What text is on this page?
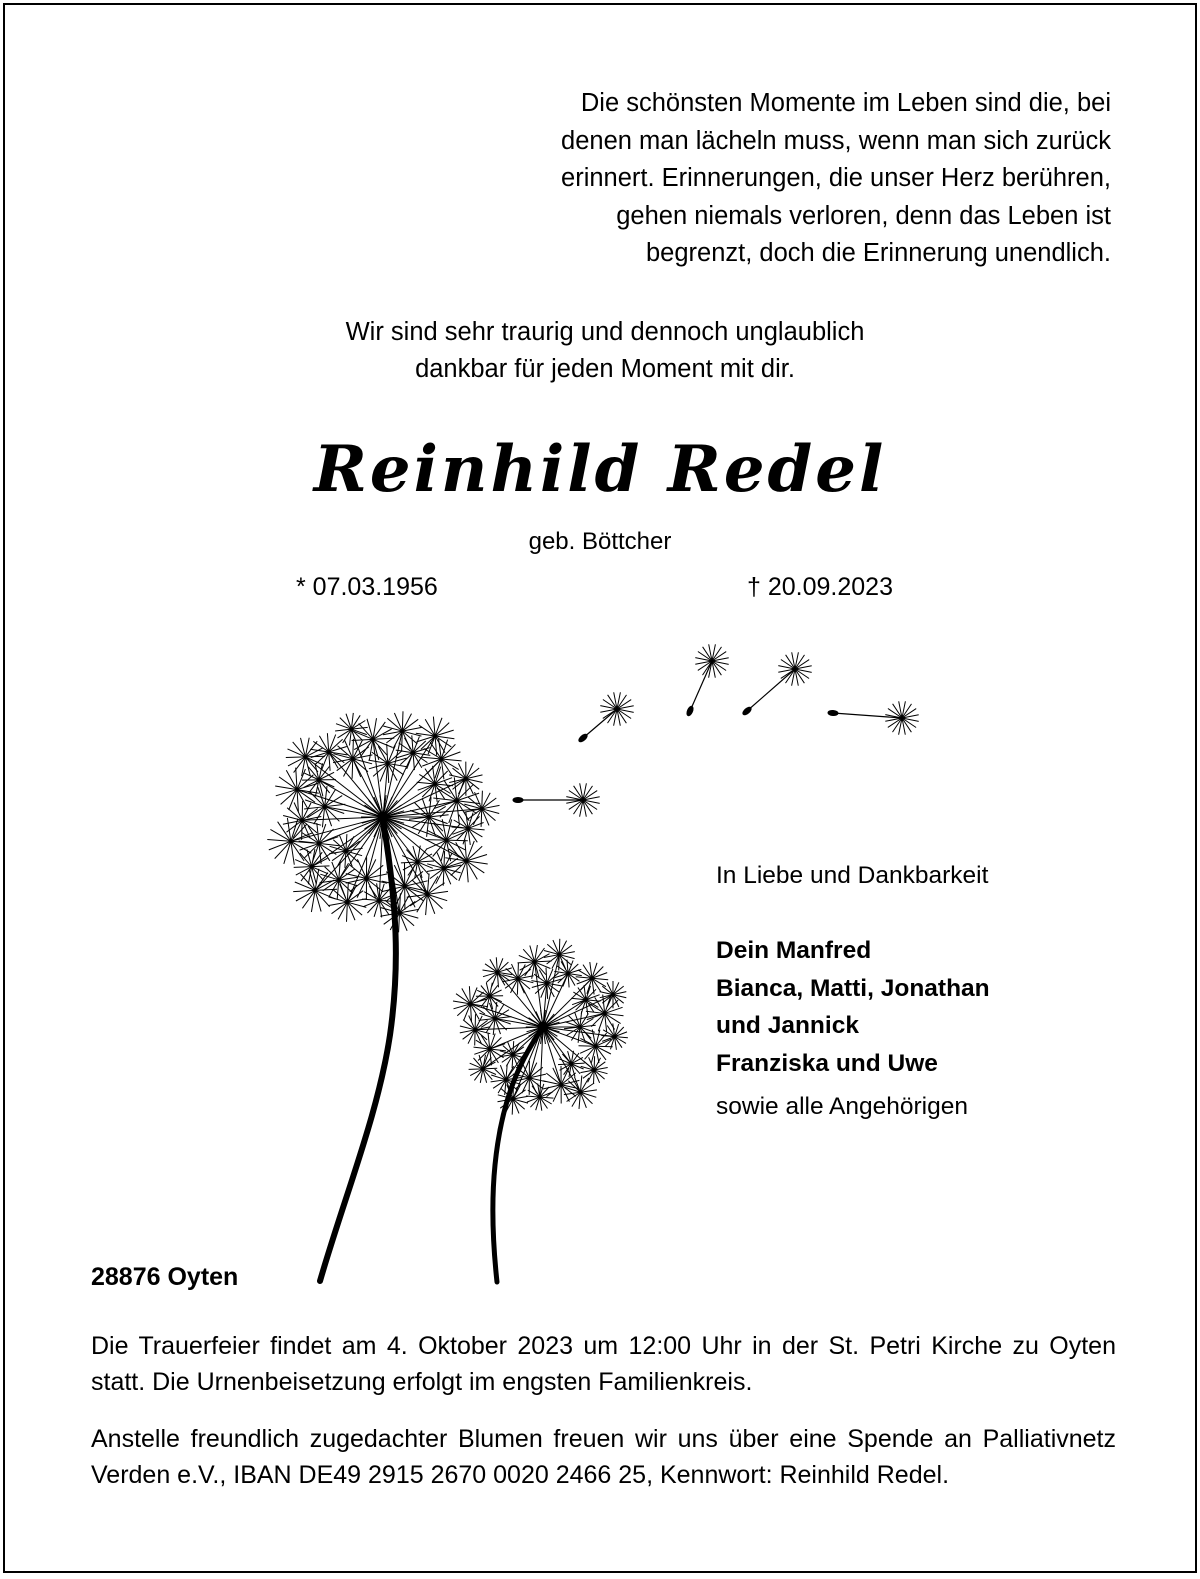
Die schönsten Momente im Leben sind die, bei
denen man lächeln muss, wenn man sich zurück
erinnert. Erinnerungen, die unser Herz berühren,
gehen niemals verloren, denn das Leben ist
begrenzt, doch die Erinnerung unendlich.
Wir sind sehr traurig und dennoch unglaublich
dankbar für jeden Moment mit dir.
Reinhild Redel
geb. Böttcher
* 07.03.1956	† 20.09.2023
In Liebe und Dankbarkeit
Dein Manfred
Bianca, Matti, Jonathan
und Jannick
Franziska und Uwe
sowie alle Angehörigen
28876 Oyten
Die Trauerfeier findet am 4. Oktober 2023 um 12:00 Uhr in der St. Petri Kirche zu Oyten statt. Die Urnenbeisetzung erfolgt im engsten Familienkreis.
Anstelle freundlich zugedachter Blumen freuen wir uns über eine Spende an Palliativnetz Verden e.V., IBAN DE49 2915 2670 0020 2466 25, Kennwort: Reinhild Redel.
